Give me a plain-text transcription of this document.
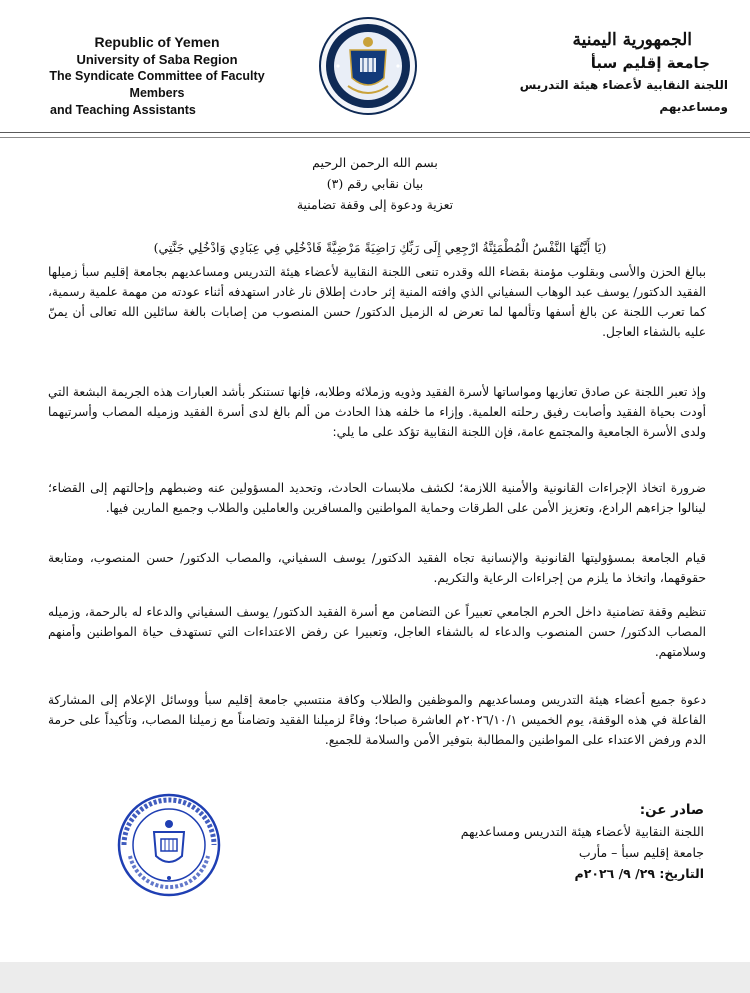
Republic of Yemen
University of Saba Region
The Syndicate Committee of Faculty Members
and Teaching Assistants
الجمهورية اليمنية
جامعة إقليم سبأ
اللجنة النقابية لأعضاء هيئة التدريس ومساعديهم
بسم الله الرحمن الرحيم
بيان نقابي رقم (٣)
تعزية ودعوة إلى وقفة تضامنية
(يَا أَيَّتُهَا النَّفْسُ الْمُطْمَئِنَّةُ ارْجِعِي إِلَى رَبِّكِ رَاضِيَةً مَرْضِيَّةً فَادْخُلِي فِي عِبَادِي وَادْخُلِي جَنَّتِي)
ببالغ الحزن والأسى وبقلوب مؤمنة بقضاء الله وقدره تنعى اللجنة النقابية لأعضاء هيئة التدريس ومساعديهم بجامعة إقليم سبأ زميلها الفقيد الدكتور/ يوسف عبد الوهاب السفياني الذي وافته المنية إثر حادث إطلاق نار غادر استهدفه أثناء عودته من مهمة علمية رسمية، كما تعرب اللجنة عن بالغ أسفها وتألمها لما تعرض له الزميل الدكتور/ حسن المنصوب من إصابات بالغة سائلين الله تعالى أن يمنّ عليه بالشفاء العاجل.
وإذ تعبر اللجنة عن صادق تعازيها ومواساتها لأسرة الفقيد وذويه وزملائه وطلابه، فإنها تستنكر بأشد العبارات هذه الجريمة البشعة التي أودت بحياة الفقيد وأصابت رفيق رحلته العلمية. وإزاء ما خلفه هذا الحادث من ألم بالغ لدى أسرة الفقيد وزميله المصاب وأسرتيهما ولدى الأسرة الجامعية والمجتمع عامة، فإن اللجنة النقابية تؤكد على ما يلي:
ضرورة اتخاذ الإجراءات القانونية والأمنية اللازمة؛ لكشف ملابسات الحادث، وتحديد المسؤولين عنه وضبطهم وإحالتهم إلى القضاء؛ لينالوا جزاءهم الرادع، وتعزيز الأمن على الطرقات وحماية المواطنين والمسافرين والعاملين والطلاب وجميع المارين فيها.
قيام الجامعة بمسؤوليتها القانونية والإنسانية تجاه الفقيد الدكتور/ يوسف السفياني، والمصاب الدكتور/ حسن المنصوب، ومتابعة حقوقهما، واتخاذ ما يلزم من إجراءات الرعاية والتكريم.
تنظيم وقفة تضامنية داخل الحرم الجامعي تعبيراً عن التضامن مع أسرة الفقيد الدكتور/ يوسف السفياني والدعاء له بالرحمة، وزميله المصاب الدكتور/ حسن المنصوب والدعاء له بالشفاء العاجل، وتعبيرا عن رفض الاعتداءات التي تستهدف حياة المواطنين وأمنهم وسلامتهم.
دعوة جميع أعضاء هيئة التدريس ومساعديهم والموظفين والطلاب وكافة منتسبي جامعة إقليم سبأ ووسائل الإعلام إلى المشاركة الفاعلة في هذه الوقفة، يوم الخميس ٢٠٢٦/١٠/١م العاشرة صباحا؛ وفاءً لزميلنا الفقيد وتضامناً مع زميلنا المصاب، وتأكيداً على حرمة الدم ورفض الاعتداء على المواطنين والمطالبة بتوفير الأمن والسلامة للجميع.
صادر عن:
اللجنة النقابية لأعضاء هيئة التدريس ومساعديهم
جامعة إقليم سبأ – مأرب
التاريخ: ٢٩/ ٩/ ٢٠٢٦م
